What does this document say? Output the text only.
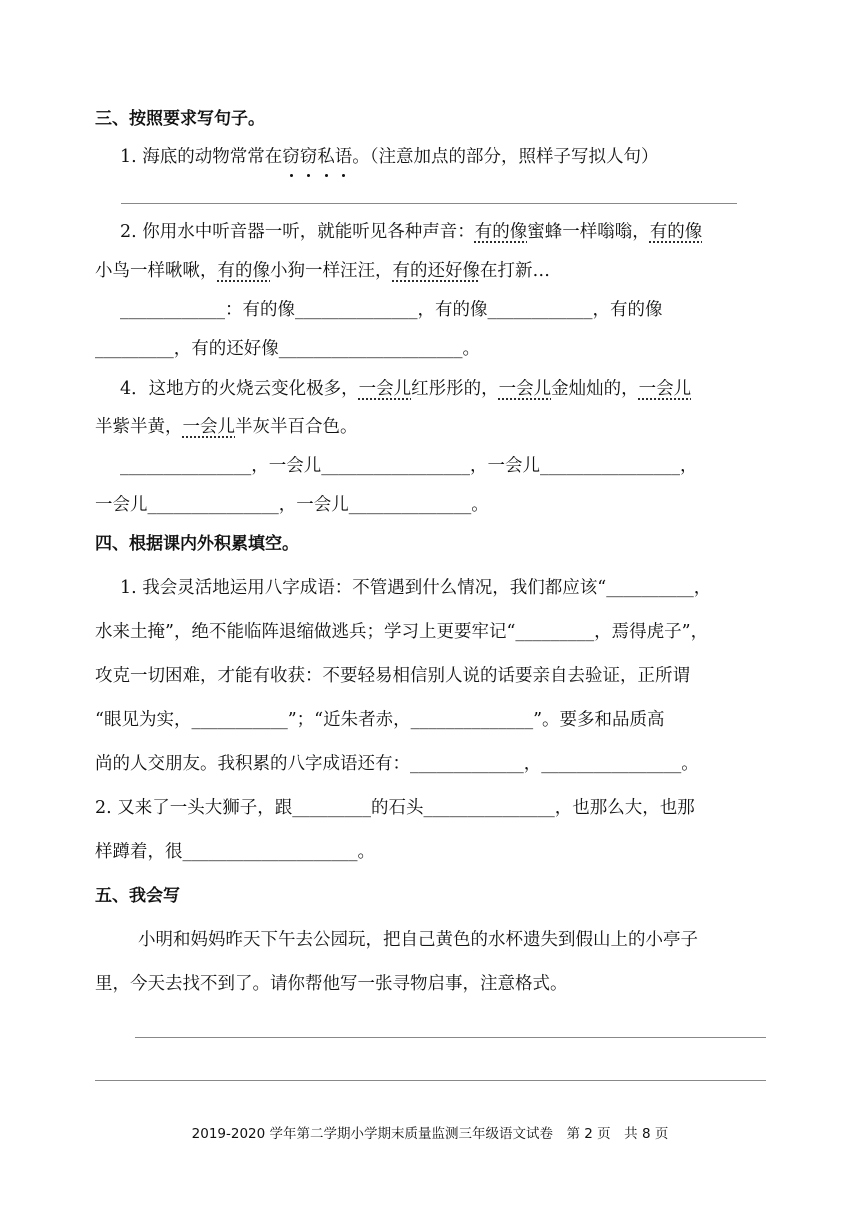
三、按照要求写句子。
1. 海底的动物常常在窃窃私语。（注意加点的部分，照样子写拟人句）
2. 你用水中听音器一听，就能听见各种声音：有的像蜜蜂一样嗡嗡，有的像
小鸟一样啾啾，有的像小狗一样汪汪，有的还好像在打新…
____________：有的像______________，有的像____________，有的像
_________，有的还好像_____________________。
4．这地方的火烧云变化极多，一会儿红彤彤的，一会儿金灿灿的，一会儿
半紫半黄，一会儿半灰半百合色。
_______________，一会儿_________________，一会儿________________，
一会儿_______________，一会儿______________。
四、根据课内外积累填空。
1. 我会灵活地运用八字成语：不管遇到什么情况，我们都应该“__________，
水来土掩”，绝不能临阵退缩做逃兵；学习上更要牢记“_________，焉得虎子”，
攻克一切困难，才能有收获：不要轻易相信别人说的话要亲自去验证，正所谓
“眼见为实，___________”；“近朱者赤，______________”。要多和品质高
尚的人交朋友。我积累的八字成语还有：_____________，________________。
2. 又来了一头大狮子，跟_________的石头_______________，也那么大，也那
样蹲着，很____________________。
五、我会写
小明和妈妈昨天下午去公园玩，把自己黄色的水杯遗失到假山上的小亭子
里，今天去找不到了。请你帮他写一张寻物启事，注意格式。
2019-2020 学年第二学期小学期末质量监测三年级语文试卷　第 2 页　共 8 页
